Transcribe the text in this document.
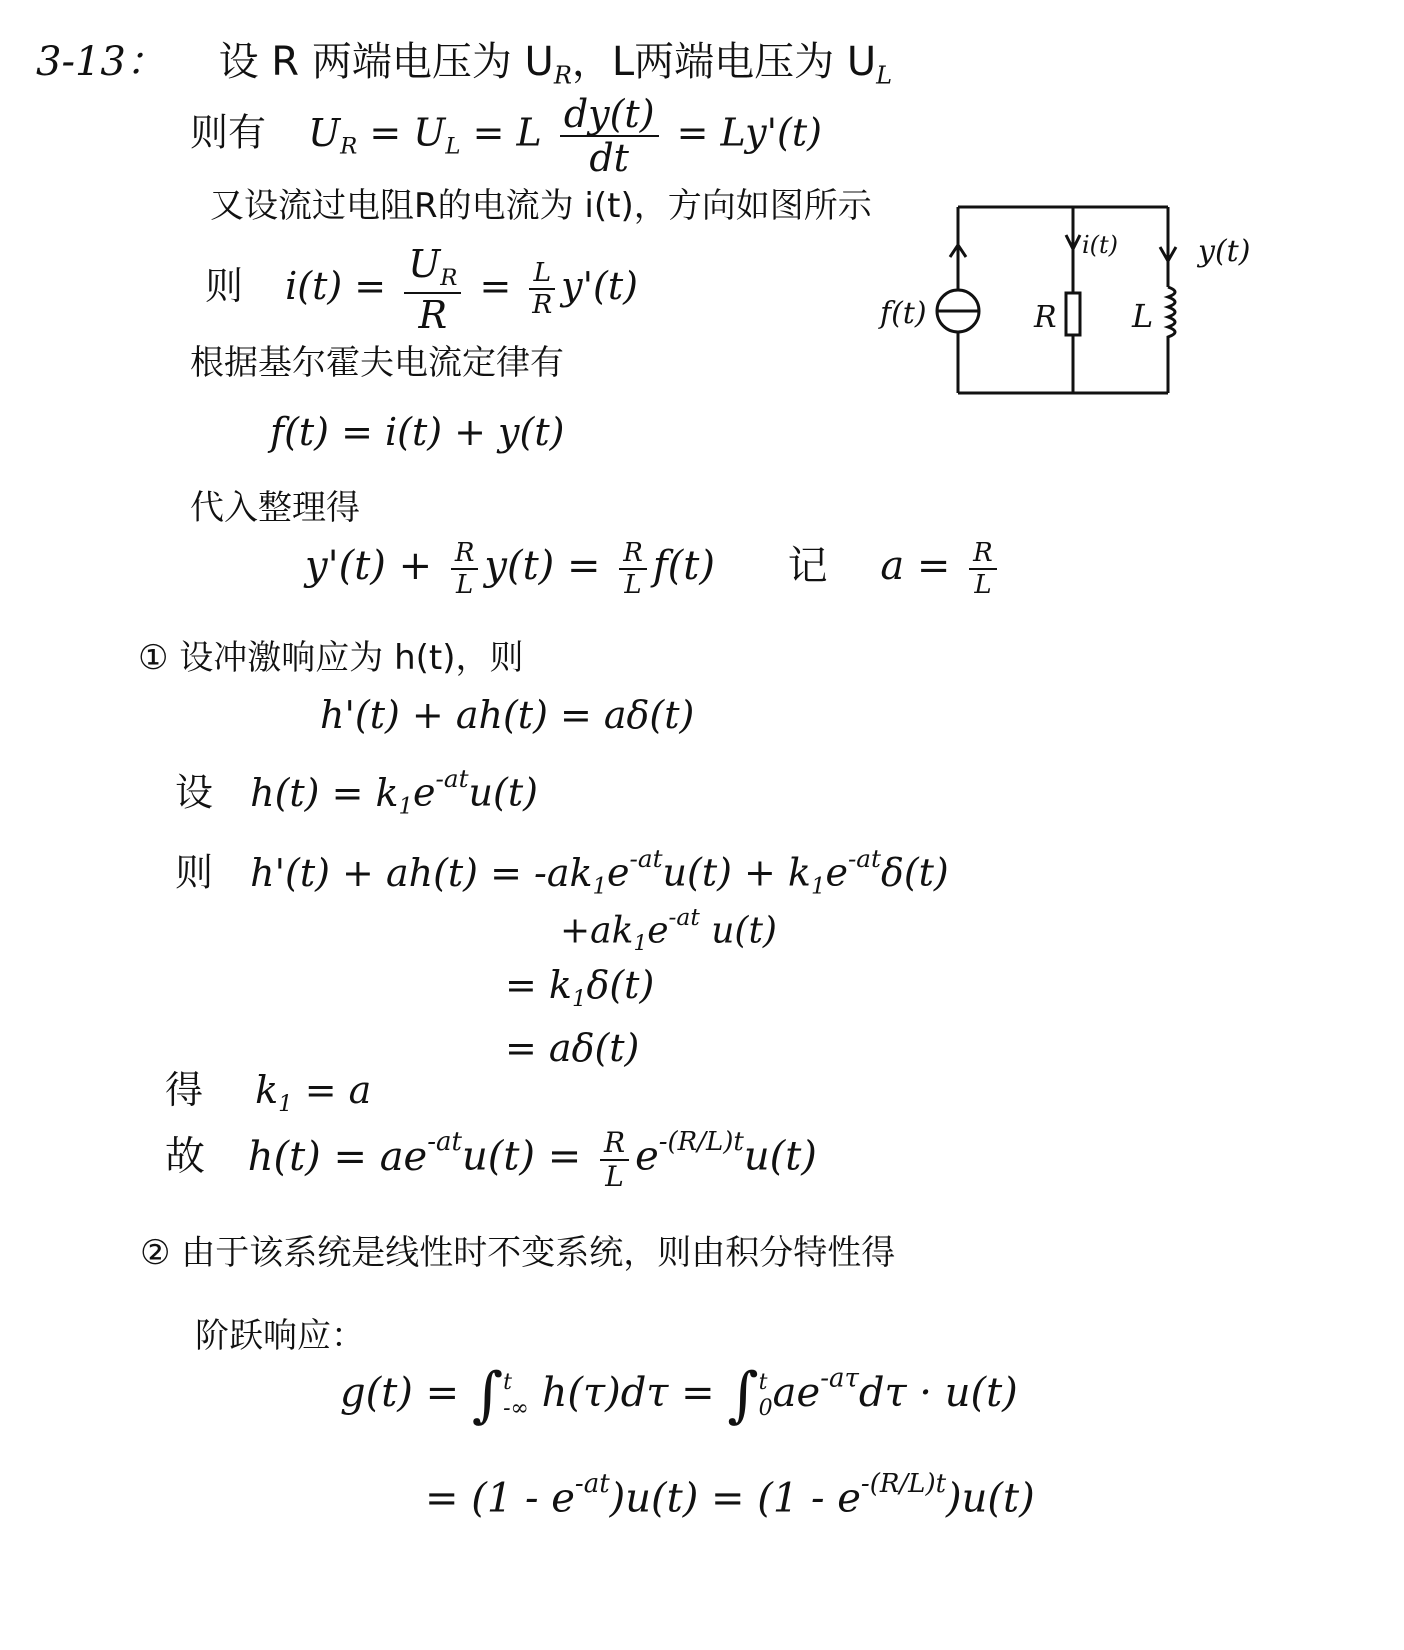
3-13： 设 R 两端电压为 $U_R$，L两端电压为 $U_L$
则有 $U_R = U_L = L \frac{dy(t)}{dt} = Ly'(t)$
又设流过电阻R的电流为 i(t)，方向如图所示
则 $i(t) = \frac{U_R}{R} = \frac{L}{R} y'(t)$
根据基尔霍夫电流定律有
f(t) = i(t) + y(t)
代入整理得
$y'(t) + \frac{R}{L} y(t) = \frac{R}{L} f(t)$ 记 $a = \frac{R}{L}$
① 设冲激响应为 h(t)，则
h'(t) + ah(t) = aδ(t)
设 $h(t) = k_1e^{-at}u(t)$
则 $h'(t) + ah(t) = -ak_1e^{-at}u(t) + k_1e^{-at}\delta(t)$
$+ak_1e^{-at}$ u(t)
= $k_1\delta(t)$
= aδ(t)
得 $k_1 = a$
故 $h(t) = ae^{-at}u(t) = \frac{R}{L} e^{-(R/L)t}u(t)$
② 由于该系统是线性时不变系统，则由积分特性得
阶跃响应：
g(t) = ∫ t
-∞ h(τ)dτ = ∫ t
0 $ae^{-a\tau}d\tau \cdot u(t)$
= $(1 - e^{-at})u(t) = (1 - e^{-(R/L)t})u(t)$
f(t)
i(t)	y(t)
R L
